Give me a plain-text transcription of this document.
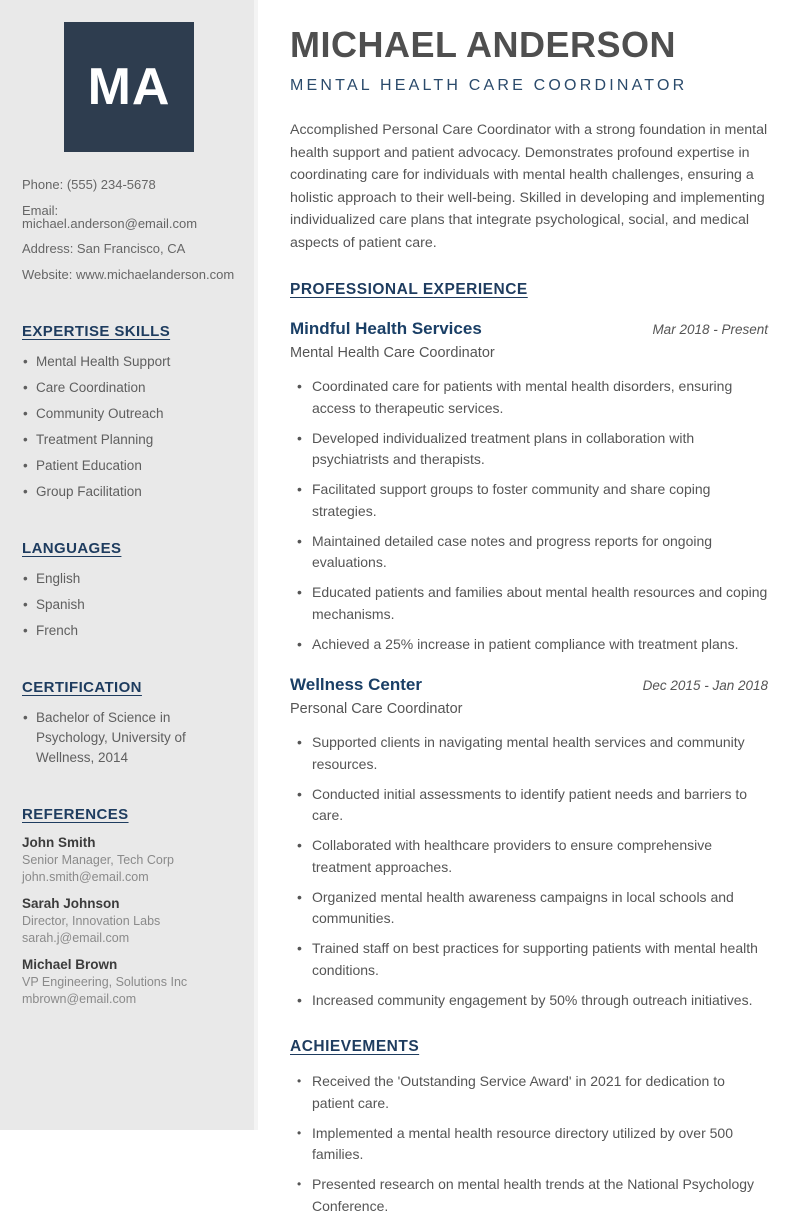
MA

Phone: (555) 234-5678

Email: michael.anderson@email.com

Address: San Francisco, CA

Website: www.michaelanderson.com

EXPERTISE SKILLS
• Mental Health Support
• Care Coordination
• Community Outreach
• Treatment Planning
• Patient Education
• Group Facilitation
LANGUAGES
• English
• Spanish
• French
CERTIFICATION
• Bachelor of Science in Psychology, University of Wellness, 2014
REFERENCES

John Smith

Senior Manager, Tech Corp

john.smith@email.com

Sarah Johnson

Director, Innovation Labs

sarah.j@email.com

Michael Brown

VP Engineering, Solutions Inc

mbrown@email.com

MICHAEL ANDERSON
MENTAL HEALTH CARE COORDINATOR

Accomplished Personal Care Coordinator with a strong foundation in mental health support and patient advocacy. Demonstrates profound expertise in coordinating care for individuals with mental health challenges, ensuring a holistic approach to their well-being. Skilled in developing and implementing individualized care plans that integrate psychological, social, and medical aspects of patient care.

PROFESSIONAL EXPERIENCE
Mindful Health Services	Mar 2018 - Present
Mental Health Care Coordinator
• Coordinated care for patients with mental health disorders, ensuring access to therapeutic services.
• Developed individualized treatment plans in collaboration with psychiatrists and therapists.
• Facilitated support groups to foster community and share coping strategies.
• Maintained detailed case notes and progress reports for ongoing evaluations.
• Educated patients and families about mental health resources and coping mechanisms.
• Achieved a 25% increase in patient compliance with treatment plans.
Wellness Center	Dec 2015 - Jan 2018
Personal Care Coordinator
• Supported clients in navigating mental health services and community resources.
• Conducted initial assessments to identify patient needs and barriers to care.
• Collaborated with healthcare providers to ensure comprehensive treatment approaches.
• Organized mental health awareness campaigns in local schools and communities.
• Trained staff on best practices for supporting patients with mental health conditions.
• Increased community engagement by 50% through outreach initiatives.
ACHIEVEMENTS
• Received the 'Outstanding Service Award' in 2021 for dedication to patient care.
• Implemented a mental health resource directory utilized by over 500 families.
• Presented research on mental health trends at the National Psychology Conference.
